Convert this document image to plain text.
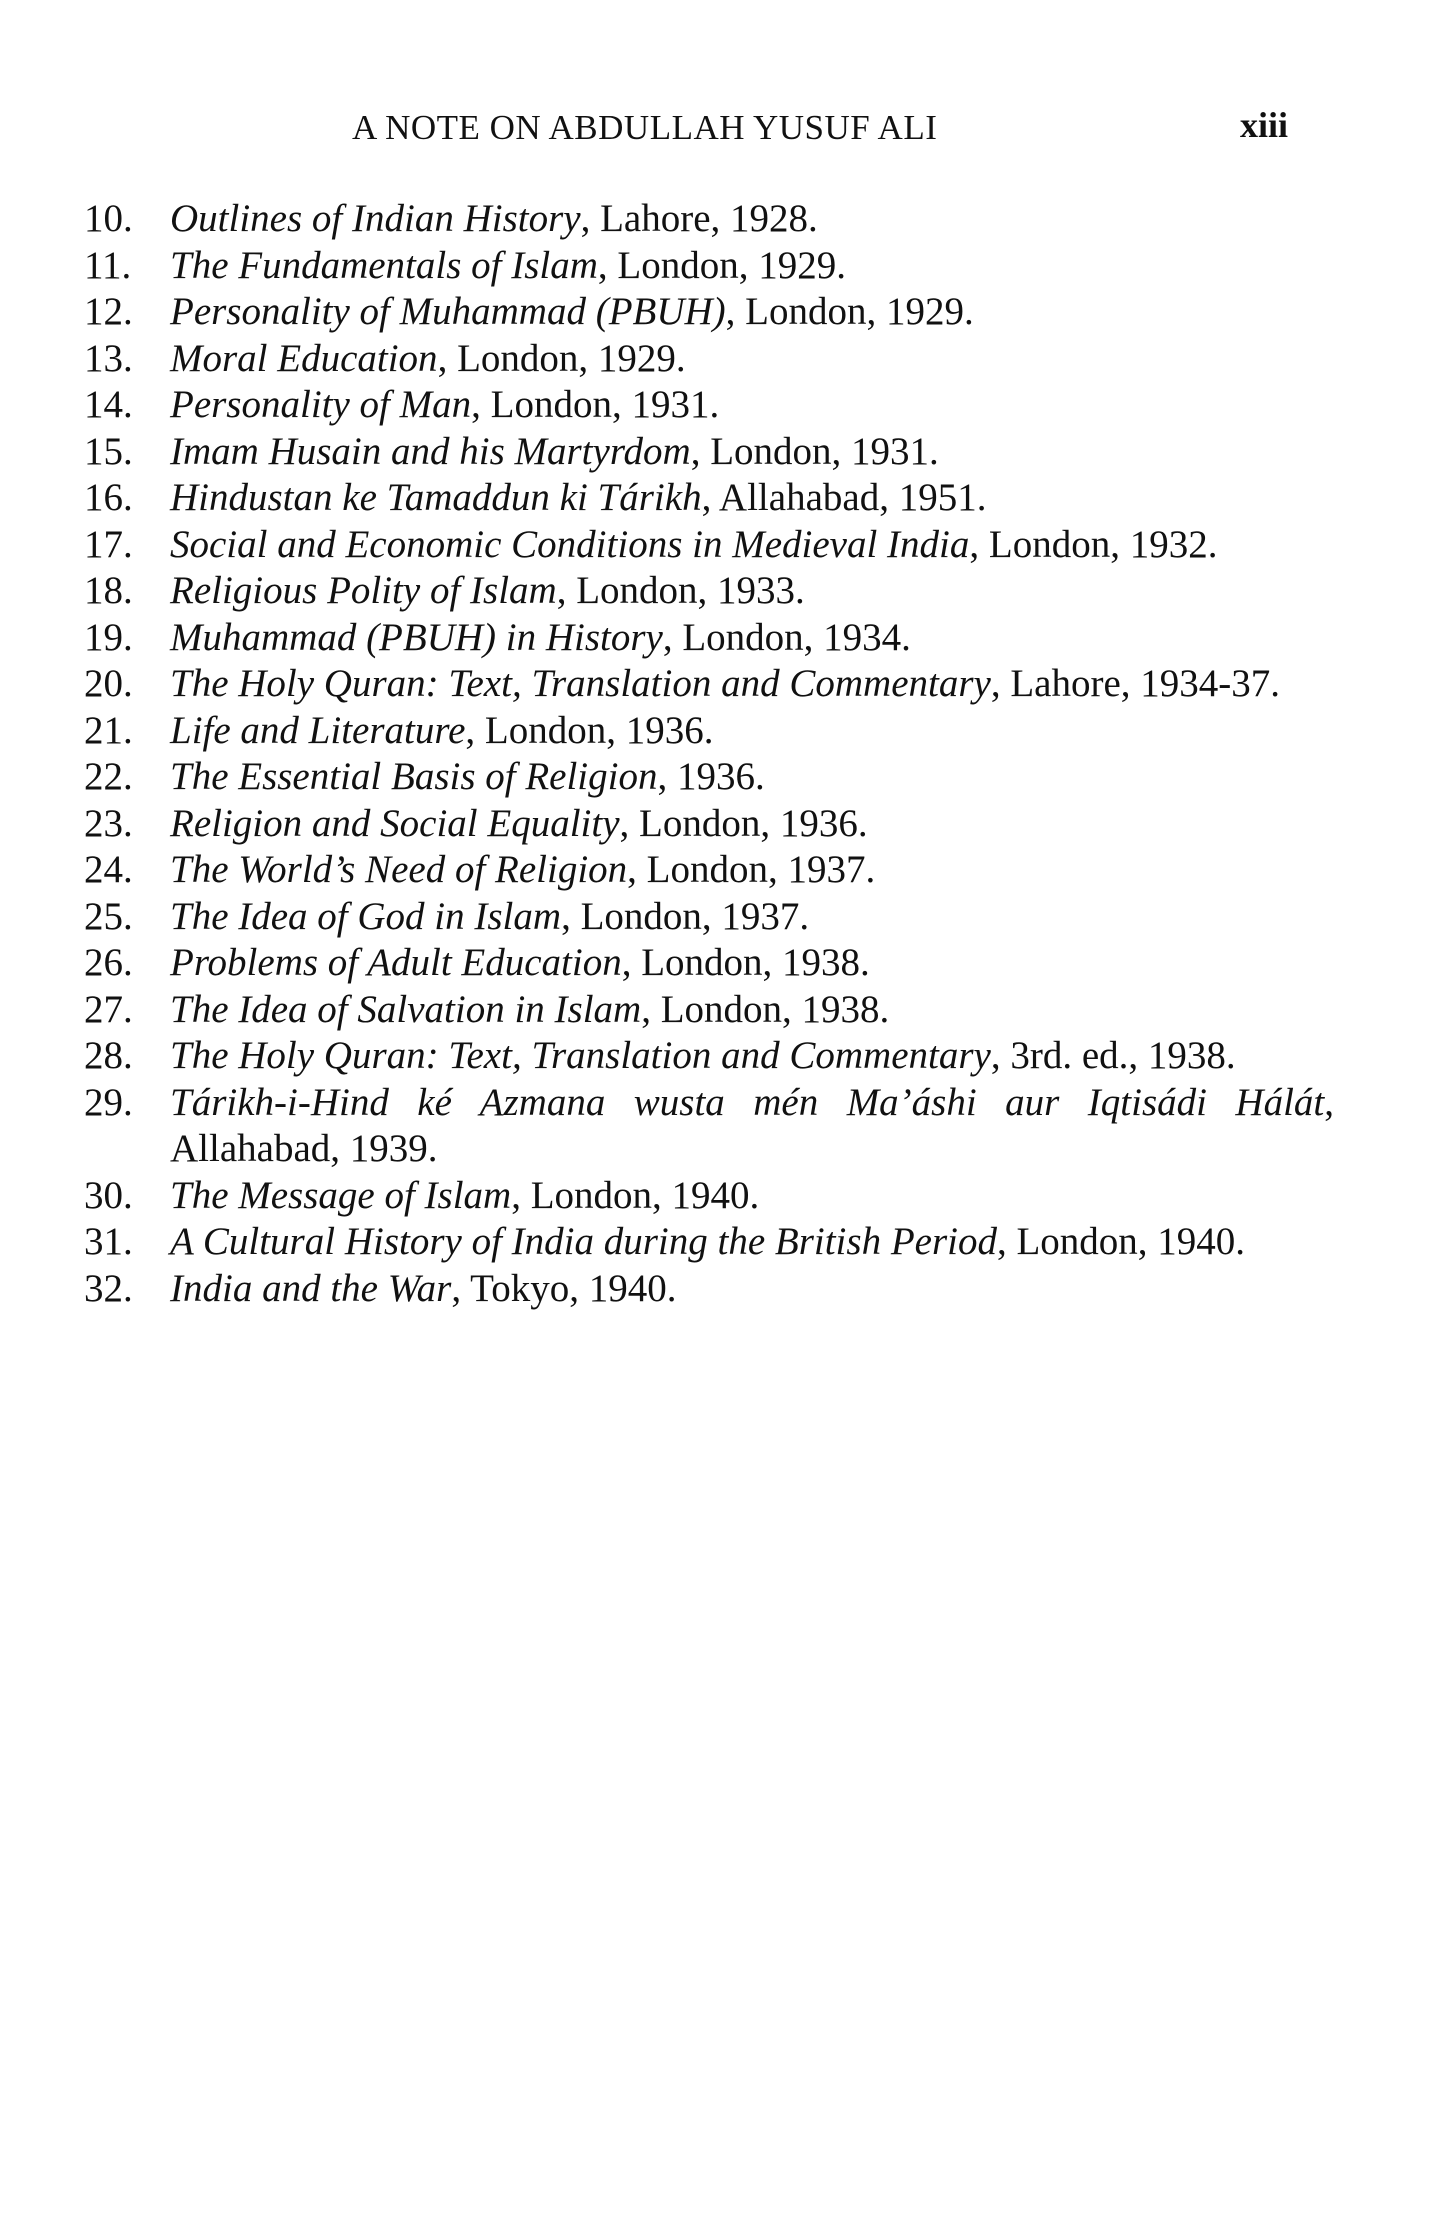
A NOTE ON ABDULLAH YUSUF ALI	xiii
10. Outlines of Indian History, Lahore, 1928.
11. The Fundamentals of Islam, London, 1929.
12. Personality of Muhammad (PBUH), London, 1929.
13. Moral Education, London, 1929.
14. Personality of Man, London, 1931.
15. Imam Husain and his Martyrdom, London, 1931.
16. Hindustan ke Tamaddun ki Tárikh, Allahabad, 1951.
17. Social and Economic Conditions in Medieval India, London, 1932.
18. Religious Polity of Islam, London, 1933.
19. Muhammad (PBUH) in History, London, 1934.
20. The Holy Quran: Text, Translation and Commentary, Lahore, 1934-37.
21. Life and Literature, London, 1936.
22. The Essential Basis of Religion, 1936.
23. Religion and Social Equality, London, 1936.
24. The World’s Need of Religion, London, 1937.
25. The Idea of God in Islam, London, 1937.
26. Problems of Adult Education, London, 1938.
27. The Idea of Salvation in Islam, London, 1938.
28. The Holy Quran: Text, Translation and Commentary, 3rd. ed., 1938.
29. Tárikh-i-Hind ké Azmana wusta mén Ma’áshi aur Iqtisádi Hálát, Allahabad, 1939.
30. The Message of Islam, London, 1940.
31. A Cultural History of India during the British Period, London, 1940.
32. India and the War, Tokyo, 1940.
